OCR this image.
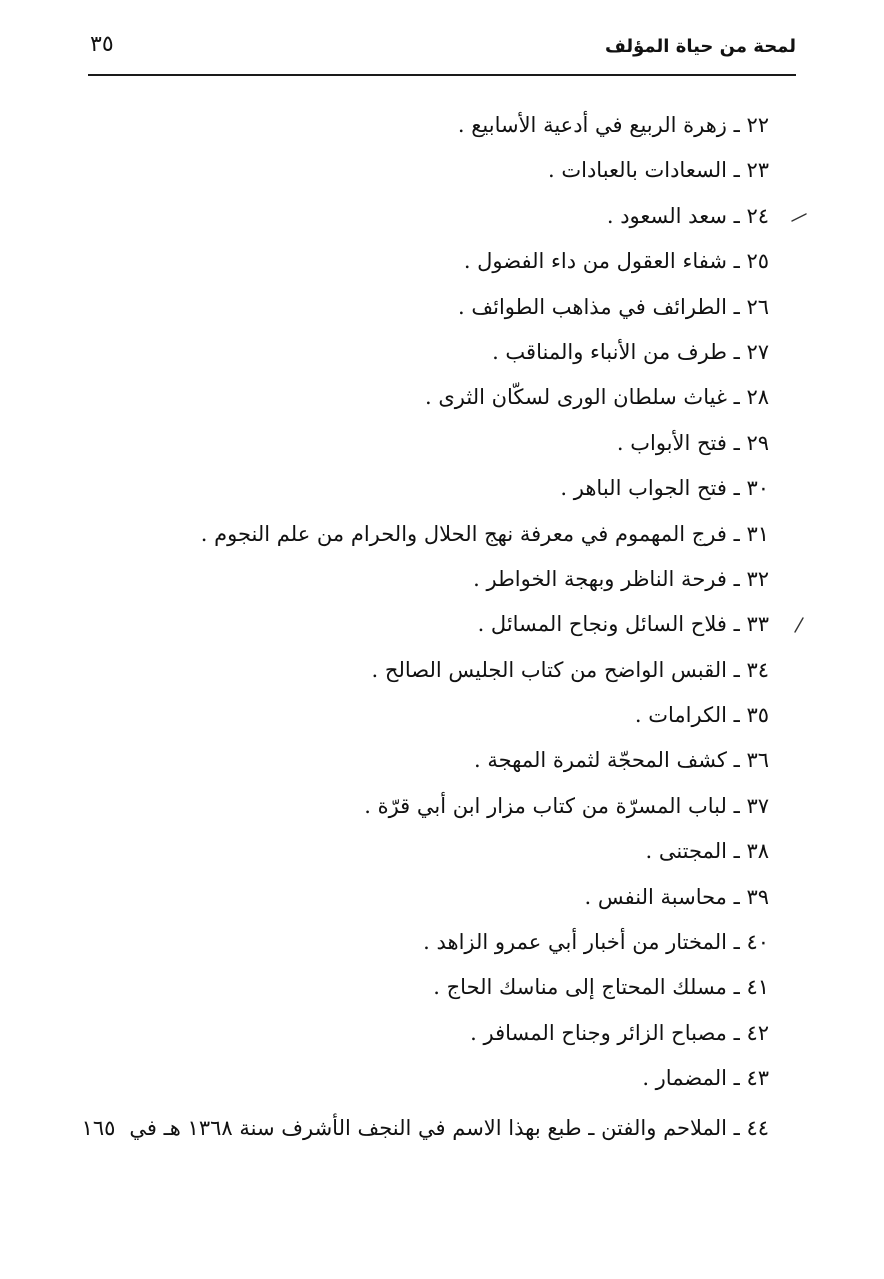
لمحة من حياة المؤلف
٣٥
٢٢ ـ زهرة الربيع في أدعية الأسابيع .
٢٣ ـ السعادات بالعبادات .
٢٤ ـ سعد السعود .
٢٥ ـ شفاء العقول من داء الفضول .
٢٦ ـ الطرائف في مذاهب الطوائف .
٢٧ ـ طرف من الأنباء والمناقب .
٢٨ ـ غياث سلطان الورى لسكّان الثرى .
٢٩ ـ فتح الأبواب .
٣٠ ـ فتح الجواب الباهر .
٣١ ـ فرج المهموم في معرفة نهج الحلال والحرام من علم النجوم .
٣٢ ـ فرحة الناظر وبهجة الخواطر .
٣٣ ـ فلاح السائل ونجاح المسائل .
٣٤ ـ القبس الواضح من كتاب الجليس الصالح .
٣٥ ـ الكرامات .
٣٦ ـ كشف المحجّة لثمرة المهجة .
٣٧ ـ لباب المسرّة من كتاب مزار ابن أبي قرّة .
٣٨ ـ المجتنى .
٣٩ ـ محاسبة النفس .
٤٠ ـ المختار من أخبار أبي عمرو الزاهد .
٤١ ـ مسلك المحتاج إلى مناسك الحاج .
٤٢ ـ مصباح الزائر وجناح المسافر .
٤٣ ـ المضمار .
٤٤ ـ الملاحم والفتن ـ طبع بهذا الاسم في النجف الأشرف سنة ١٣٦٨ هـ في١٦٥
